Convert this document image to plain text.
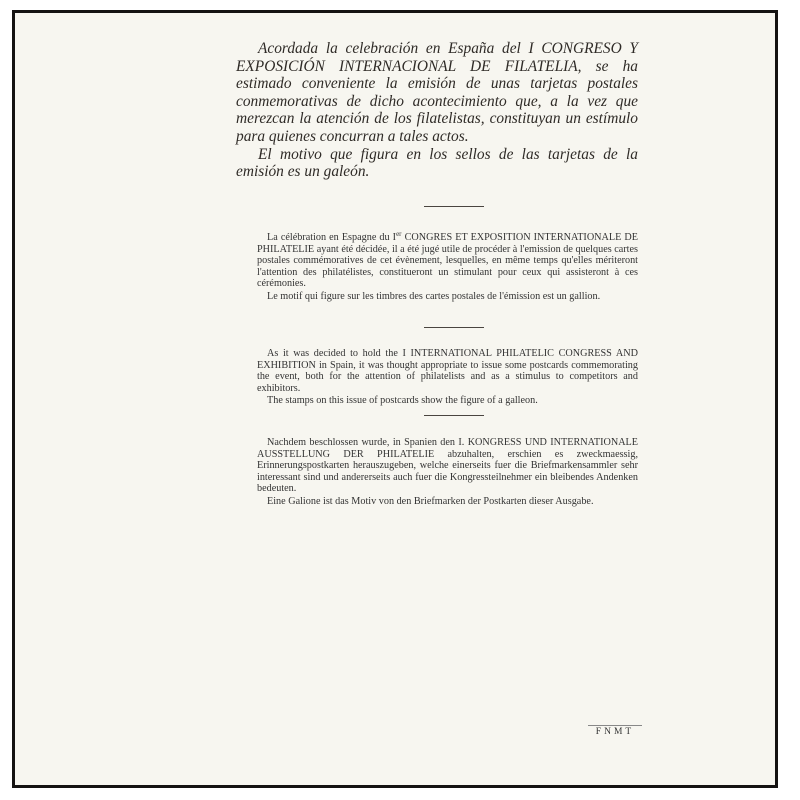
Acordada la celebración en España del I CONGRESO Y EXPOSICIÓN INTERNACIONAL DE FILATELIA, se ha estimado conveniente la emisión de unas tarjetas postales conmemorativas de dicho acontecimiento que, a la vez que merezcan la atención de los filatelistas, constituyan un estímulo para quienes concurran a tales actos.

El motivo que figura en los sellos de las tarjetas de la emisión es un galeón.

La célébration en Espagne du Ier CONGRES ET EXPOSITION INTERNATIONALE DE PHILATELIE ayant été décidée, il a été jugé utile de procéder à l'emission de quelques cartes postales commémoratives de cet évènement, lesquelles, en même temps qu'elles mériteront l'attention des philatélistes, constitueront un stimulant pour ceux qui assisteront à ces cérémonies.

Le motif qui figure sur les timbres des cartes postales de l'émission est un gallion.

As it was decided to hold the I INTERNATIONAL PHILATELIC CONGRESS AND EXHIBITION in Spain, it was thought appropriate to issue some postcards commemorating the event, both for the attention of philatelists and as a stimulus to competitors and exhibitors.

The stamps on this issue of postcards show the figure of a galleon.

Nachdem beschlossen wurde, in Spanien den I. KONGRESS UND INTERNATIONALE AUSSTELLUNG DER PHILATELIE abzuhalten, erschien es zweckmaessig, Erinnerungspostkarten herauszugeben, welche einerseits fuer die Briefmarkensammler sehr interessant sind und andererseits auch fuer die Kongressteilnehmer ein bleibendes Andenken bedeuten.

Eine Galione ist das Motiv von den Briefmarken der Postkarten dieser Ausgabe.

FNMT
